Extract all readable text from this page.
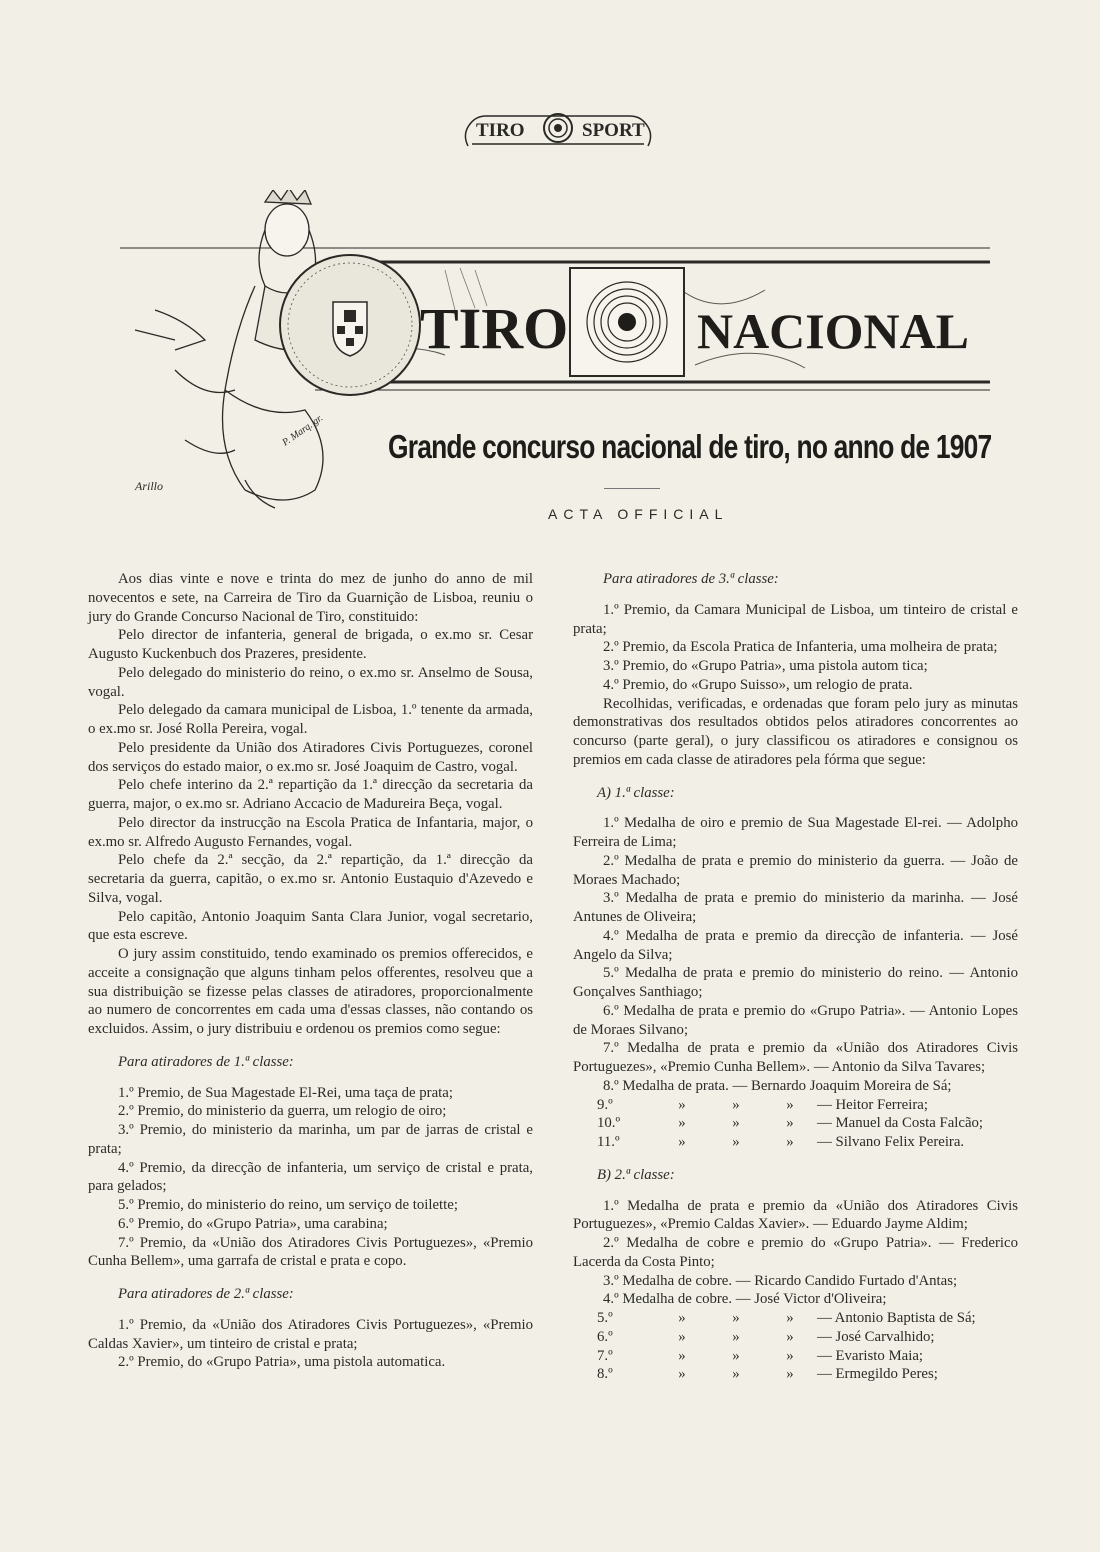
TIRO	SPORT
TIRO	NACIONAL
Arillo
P. Marq. gr. Grande concurso nacional de tiro, no anno de 1907
ACTA OFFICIAL

Aos dias vinte e nove e trinta do mez de junho do anno de mil novecentos e sete, na Carreira de Tiro da Guarnição de Lisboa, reuniu o jury do Grande Concurso Nacional de Tiro, constituido:

Pelo director de infanteria, general de brigada, o ex.mo sr. Cesar Augusto Kuckenbuch dos Prazeres, presidente.

Pelo delegado do ministerio do reino, o ex.mo sr. Anselmo de Sousa, vogal.

Pelo delegado da camara municipal de Lisboa, 1.º tenente da armada, o ex.mo sr. José Rolla Pereira, vogal.

Pelo presidente da União dos Atiradores Civis Portuguezes, coronel dos serviços do estado maior, o ex.mo sr. José Joaquim de Castro, vogal.

Pelo chefe interino da 2.ª repartição da 1.ª direcção da secretaria da guerra, major, o ex.mo sr. Adriano Accacio de Madureira Beça, vogal.

Pelo director da instrucção na Escola Pratica de Infantaria, major, o ex.mo sr. Alfredo Augusto Fernandes, vogal.

Pelo chefe da 2.ª secção, da 2.ª repartição, da 1.ª direcção da secretaria da guerra, capitão, o ex.mo sr. Antonio Eustaquio d'Azevedo e Silva, vogal.

Pelo capitão, Antonio Joaquim Santa Clara Junior, vogal secretario, que esta escreve.

O jury assim constituido, tendo examinado os premios offerecidos, e acceite a consignação que alguns tinham pelos offerentes, resolveu que a sua distribuição se fizesse pelas classes de atiradores, proporcionalmente ao numero de concorrentes em cada uma d'essas classes, não contando os excluidos. Assim, o jury distribuiu e ordenou os premios como segue:

Para atiradores de 1.ª classe:

1.º Premio, de Sua Magestade El-Rei, uma taça de prata;

2.º Premio, do ministerio da guerra, um relogio de oiro;

3.º Premio, do ministerio da marinha, um par de jarras de cristal e prata;

4.º Premio, da direcção de infanteria, um serviço de cristal e prata, para gelados;

5.º Premio, do ministerio do reino, um serviço de toilette;

6.º Premio, do «Grupo Patria», uma carabina;

7.º Premio, da «União dos Atiradores Civis Portuguezes», «Premio Cunha Bellem», uma garrafa de cristal e prata e copo.

Para atiradores de 2.ª classe:

1.º Premio, da «União dos Atiradores Civis Portuguezes», «Premio Caldas Xavier», um tinteiro de cristal e prata;

2.º Premio, do «Grupo Patria», uma pistola automatica.

Para atiradores de 3.ª classe:

1.º Premio, da Camara Municipal de Lisboa, um tinteiro de cristal e prata;

2.º Premio, da Escola Pratica de Infanteria, uma molheira de prata;

3.º Premio, do «Grupo Patria», uma pistola autom tica;

4.º Premio, do «Grupo Suisso», um relogio de prata.

Recolhidas, verificadas, e ordenadas que foram pelo jury as minutas demonstrativas dos resultados obtidos pelos atiradores concorrentes ao concurso (parte geral), o jury classificou os atiradores e consignou os premios em cada classe de atiradores pela fórma que segue:

A) 1.ª classe:

1.º Medalha de oiro e premio de Sua Magestade El-rei. — Adolpho Ferreira de Lima;

2.º Medalha de prata e premio do ministerio da guerra. — João de Moraes Machado;

3.º Medalha de prata e premio do ministerio da marinha. — José Antunes de Oliveira;

4.º Medalha de prata e premio da direcção de infanteria. — José Angelo da Silva;

5.º Medalha de prata e premio do ministerio do reino. — Antonio Gonçalves Santhiago;

6.º Medalha de prata e premio do «Grupo Patria». — Antonio Lopes de Moraes Silvano;

7.º Medalha de prata e premio da «União dos Atiradores Civis Portuguezes», «Premio Cunha Bellem». — Antonio da Silva Tavares;

8.º Medalha de prata. — Bernardo Joaquim Moreira de Sá;

9.º	»	»	»	— Heitor Ferreira;
10.º	»	»	»	— Manuel da Costa Falcão;
11.º	»	»	»	— Silvano Felix Pereira.

B) 2.ª classe:

1.º Medalha de prata e premio da «União dos Atiradores Civis Portuguezes», «Premio Caldas Xavier». — Eduardo Jayme Aldim;

2.º Medalha de cobre e premio do «Grupo Patria». — Frederico Lacerda da Costa Pinto;

3.º Medalha de cobre. — Ricardo Candido Furtado d'Antas;

4.º Medalha de cobre. — José Victor d'Oliveira;

5.º	»	»	»	— Antonio Baptista de Sá;
6.º	»	»	»	— José Carvalhido;
7.º	»	»	»	— Evaristo Maia;
8.º	»	»	»	— Ermegildo Peres;
